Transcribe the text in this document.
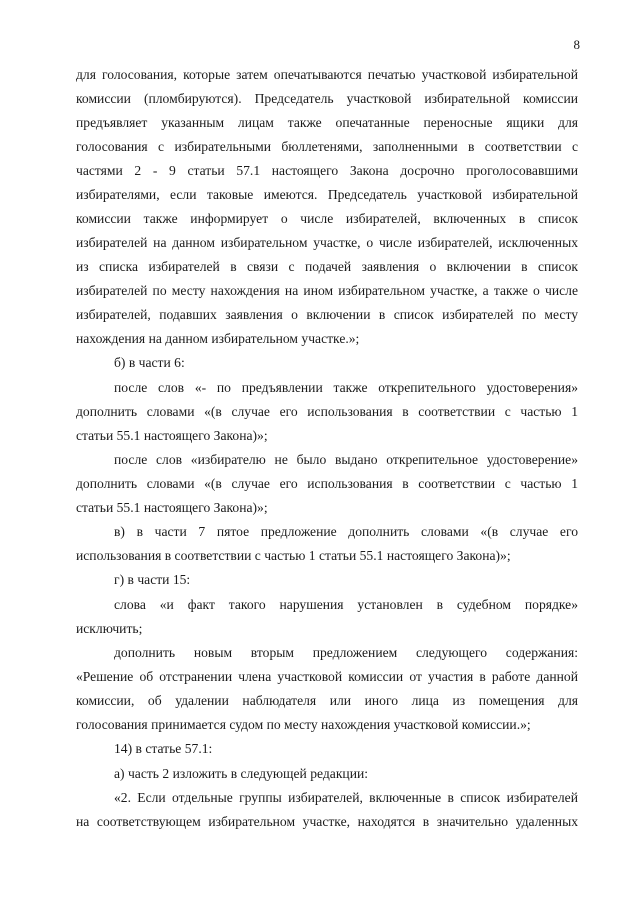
8
для голосования, которые затем опечатываются печатью участковой избирательной
комиссии (пломбируются). Председатель участковой избирательной комиссии
предъявляет указанным лицам также опечатанные переносные ящики для
голосования с избирательными бюллетенями, заполненными в соответствии с
частями 2 - 9 статьи 57.1 настоящего Закона досрочно проголосовавшими
избирателями, если таковые имеются. Председатель участковой избирательной
комиссии также информирует о числе избирателей, включенных в список
избирателей на данном избирательном участке, о числе избирателей, исключенных
из списка избирателей в связи с подачей заявления о включении в список
избирателей по месту нахождения на ином избирательном участке, а также о числе
избирателей, подавших заявления о включении в список избирателей по месту
нахождения на данном избирательном участке.»;
б) в части 6:
после слов «- по предъявлении также открепительного удостоверения»
дополнить словами «(в случае его использования в соответствии с частью 1
статьи 55.1 настоящего Закона)»;
после слов «избирателю не было выдано открепительное удостоверение»
дополнить словами «(в случае его использования в соответствии с частью 1
статьи 55.1 настоящего Закона)»;
в) в части 7 пятое предложение дополнить словами «(в случае его
использования в соответствии с частью 1 статьи 55.1 настоящего Закона)»;
г) в части 15:
слова «и факт такого нарушения установлен в судебном порядке»
исключить;
дополнить новым вторым предложением следующего содержания:
«Решение об отстранении члена участковой комиссии от участия в работе данной
комиссии, об удалении наблюдателя или иного лица из помещения для
голосования принимается судом по месту нахождения участковой комиссии.»;
14) в статье 57.1:
а) часть 2 изложить в следующей редакции:
«2. Если отдельные группы избирателей, включенные в список избирателей
на соответствующем избирательном участке, находятся в значительно удаленных
